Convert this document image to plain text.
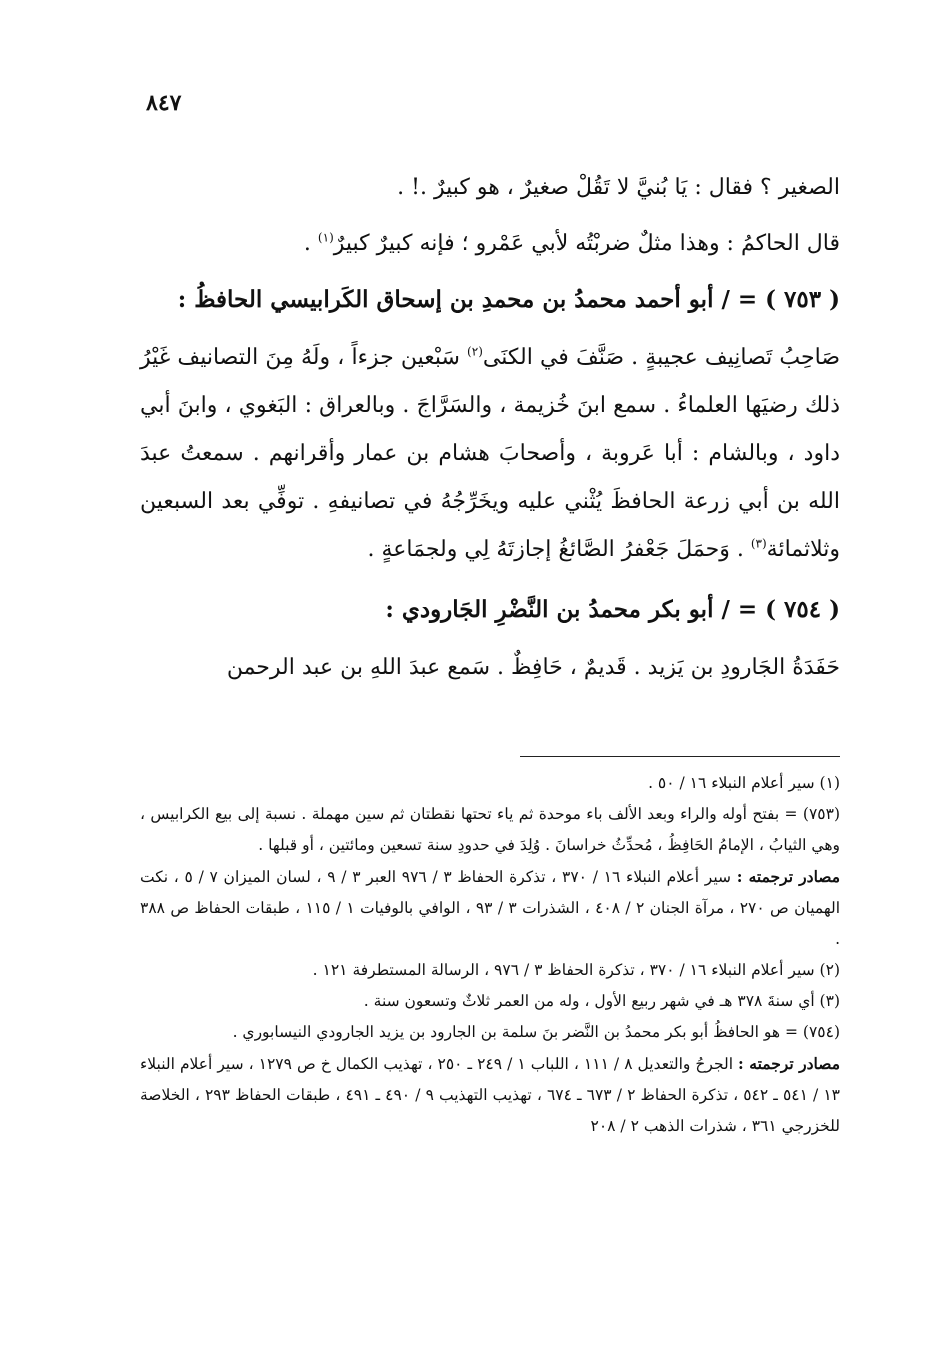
٨٤٧

الصغير ؟ فقال : يَا بُنيَّ لا تَقُلْ صغيرٌ ، هو كبيرٌ .! .

قال الحاكمُ : وهذا مثلٌ ضربْتُه لأبي عَمْرو ؛ فإنه كبيرٌ كبيرٌ$^{(١)}$ .

( ٧٥٣ ) = / أبو أحمد محمدُ بن محمدِ بن إسحاق الكَرابيسي الحافظُ :

صَاحِبُ تَصانِيف عجيبةٍ . صَنَّفَ في الكنَى$^{(٢)}$ سَبْعين جزءاً ، ولَهُ مِنَ التصانيف غَيْرُ ذلك رضيَها العلماءُ . سمع ابنَ خُزيمة ، والسَرَّاجَ . وبالعراق : البَغوي ، وابنَ أبي داود ، وبالشام : أبا عَروبة ، وأصحابَ هشام بن عمار وأقرانهم . سمعتُ عبدَ الله بن أبي زرعة الحافظَ يُثْني عليه ويخَرِّجُهُ في تصانيفهِ . توفِّي بعد السبعين وثلاثمائة$^{(٣)}$ . وَحمَلَ جَعْفرُ الصَّائغُ إجازتَهُ لِي ولجمَاعةٍ .

( ٧٥٤ ) = / أبو بكر محمدُ بن النَّضْرِ الجَارودي :

حَفَدَةُ الجَارودِ بن يَزيد . قَديمٌ ، حَافِظٌ . سَمع عبدَ اللهِ بن عبد الرحمن

(١) سير أعلام النبلاء ١٦ / ٥٠ .

(٧٥٣) = بفتح أوله والراء وبعد الألف باء موحدة ثم ياء تحتها نقطتان ثم سين مهملة . نسبة إلى بيع الكرابيس ، وهي الثيابُ ، الإمامُ الحَافِظُ ، مُحدِّثُ خراسانَ . وُلِدَ في حدودِ سنة تسعين ومائتين ، أو قبلها .

مصادر ترجمته : سير أعلام النبلاء ١٦ / ٣٧٠ ، تذكرة الحفاظ ٣ / ٩٧٦ العبر ٣ / ٩ ، لسان الميزان ٧ / ٥ ، نكت الهميان ص ٢٧٠ ، مرآة الجنان ٢ / ٤٠٨ ، الشذرات ٣ / ٩٣ ، الوافي بالوفيات ١ / ١١٥ ، طبقات الحفاظ ص ٣٨٨ .

(٢) سير أعلام النبلاء ١٦ / ٣٧٠ ، تذكرة الحفاظ ٣ / ٩٧٦ ، الرسالة المستطرفة ١٢١ .

(٣) أي سنةَ ٣٧٨ هـ في شهر ربيع الأول ، وله من العمر ثلاثٌ وتسعون سنة .

(٧٥٤) = هو الحافظُ أبو بكر محمدُ بن النَّضر بنَ سلمة بن الجارود بن يزيد الجارودي النيسابوري .

مصادر ترجمته : الجرحُ والتعديل ٨ / ١١١ ، اللباب ١ / ٢٤٩ ـ ٢٥٠ ، تهذيب الكمال خ ص ١٢٧٩ ، سير أعلام النبلاء ١٣ / ٥٤١ ـ ٥٤٢ ، تذكرة الحفاظ ٢ / ٦٧٣ ـ ٦٧٤ ، تهذيب التهذيب ٩ / ٤٩٠ ـ ٤٩١ ، طبقات الحفاظ ٢٩٣ ، الخلاصة للخزرجي ٣٦١ ، شذرات الذهب ٢ / ٢٠٨
